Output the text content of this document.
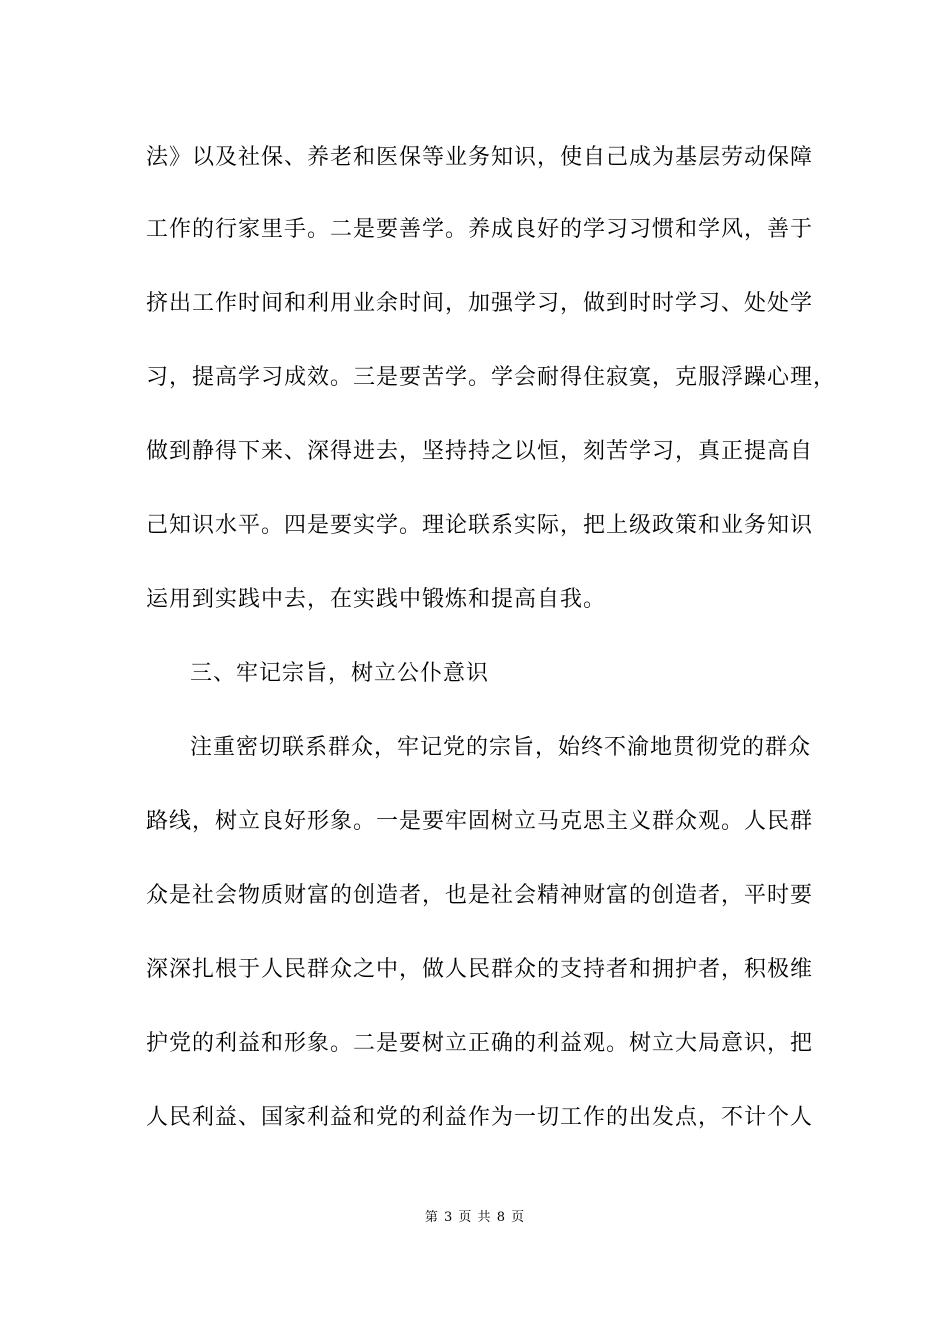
法》以及社保、养老和医保等业务知识，使自己成为基层劳动保障
工作的行家里手。二是要善学。养成良好的学习习惯和学风，善于
挤出工作时间和利用业余时间，加强学习，做到时时学习、处处学
习，提高学习成效。三是要苦学。学会耐得住寂寞，克服浮躁心理，
做到静得下来、深得进去，坚持持之以恒，刻苦学习，真正提高自
己知识水平。四是要实学。理论联系实际，把上级政策和业务知识
运用到实践中去，在实践中锻炼和提高自我。
三、牢记宗旨，树立公仆意识
注重密切联系群众，牢记党的宗旨，始终不渝地贯彻党的群众
路线，树立良好形象。一是要牢固树立马克思主义群众观。人民群
众是社会物质财富的创造者，也是社会精神财富的创造者，平时要
深深扎根于人民群众之中，做人民群众的支持者和拥护者，积极维
护党的利益和形象。二是要树立正确的利益观。树立大局意识，把
人民利益、国家利益和党的利益作为一切工作的出发点，不计个人
第 3 页 共 8 页
